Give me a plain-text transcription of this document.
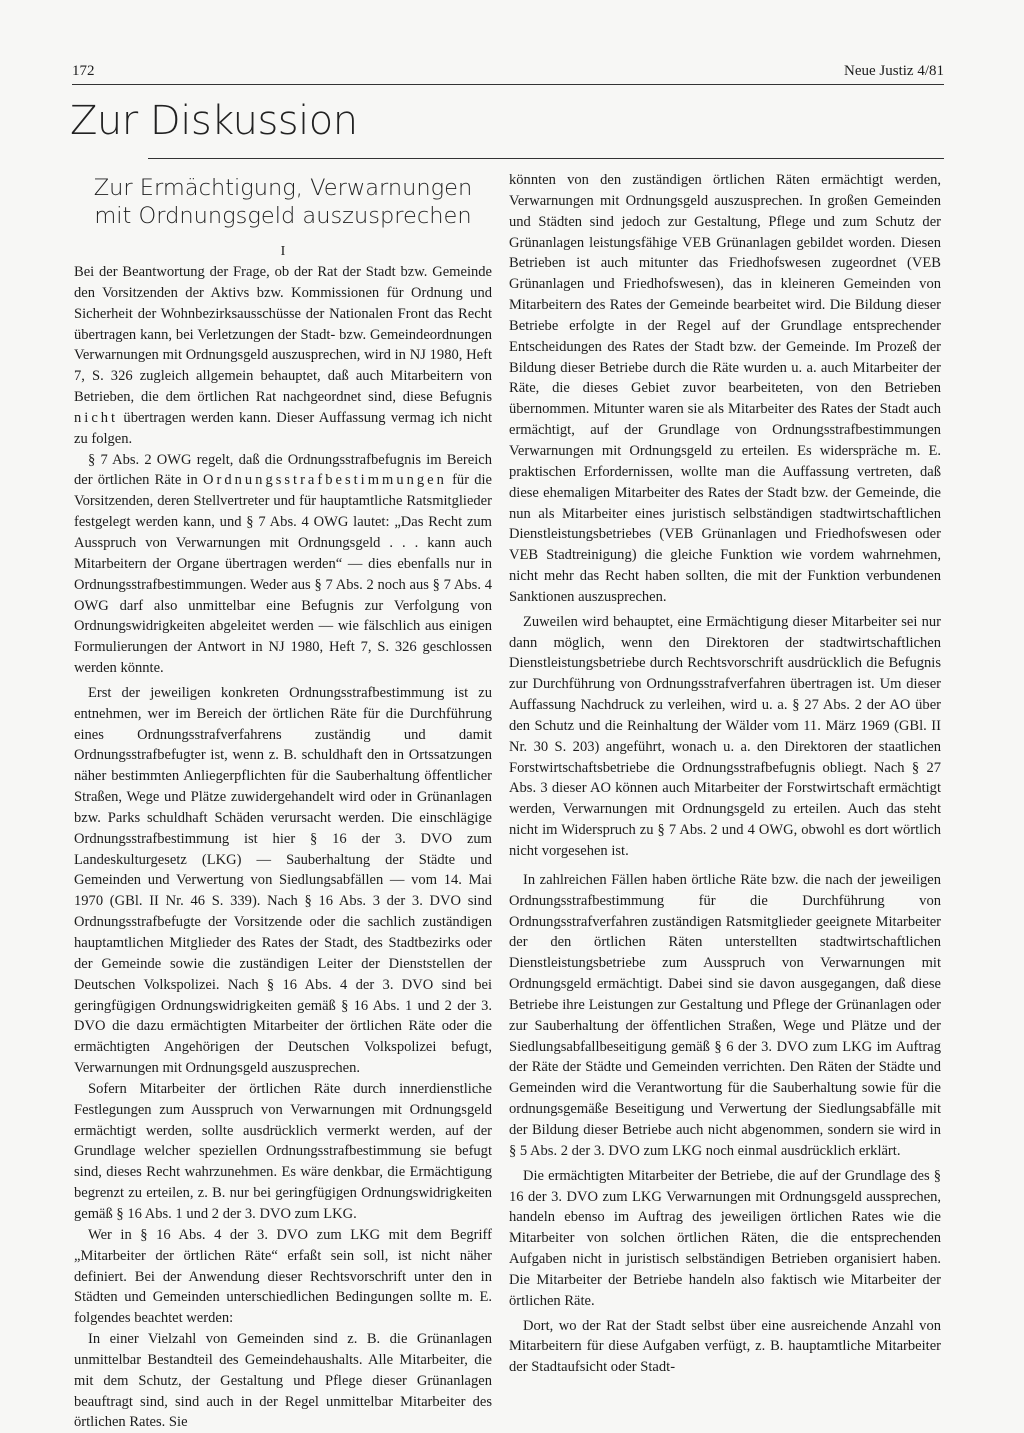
172	Neue Justiz 4/81
Zur Diskussion
Zur Ermächtigung, Verwarnungen
mit Ordnungsgeld auszusprechen
I

Bei der Beantwortung der Frage, ob der Rat der Stadt bzw. Gemeinde den Vorsitzenden der Aktivs bzw. Kommissionen für Ordnung und Sicherheit der Wohnbezirksausschüsse der Nationalen Front das Recht übertragen kann, bei Verletzungen der Stadt- bzw. Gemeindeordnungen Verwarnungen mit Ordnungsgeld auszusprechen, wird in NJ 1980, Heft 7, S. 326 zugleich allgemein behauptet, daß auch Mitarbeitern von Betrieben, die dem örtlichen Rat nachgeordnet sind, diese Befugnis nicht übertragen werden kann. Dieser Auffassung vermag ich nicht zu folgen.

§ 7 Abs. 2 OWG regelt, daß die Ordnungsstrafbefugnis im Bereich der örtlichen Räte in Ordnungsstrafbestimmungen für die Vorsitzenden, deren Stellvertreter und für hauptamtliche Ratsmitglieder festgelegt werden kann, und § 7 Abs. 4 OWG lautet: „Das Recht zum Ausspruch von Verwarnungen mit Ordnungsgeld . . . kann auch Mitarbeitern der Organe übertragen werden“ — dies ebenfalls nur in Ordnungsstrafbestimmungen. Weder aus § 7 Abs. 2 noch aus § 7 Abs. 4 OWG darf also unmittelbar eine Befugnis zur Verfolgung von Ordnungswidrigkeiten abgeleitet werden — wie fälschlich aus einigen Formulierungen der Antwort in NJ 1980, Heft 7, S. 326 geschlossen werden könnte.

Erst der jeweiligen konkreten Ordnungsstrafbestimmung ist zu entnehmen, wer im Bereich der örtlichen Räte für die Durchführung eines Ordnungsstrafverfahrens zuständig und damit Ordnungsstrafbefugter ist, wenn z. B. schuldhaft den in Ortssatzungen näher bestimmten Anliegerpflichten für die Sauberhaltung öffentlicher Straßen, Wege und Plätze zuwidergehandelt wird oder in Grünanlagen bzw. Parks schuldhaft Schäden verursacht werden. Die einschlägige Ordnungsstrafbestimmung ist hier § 16 der 3. DVO zum Landeskulturgesetz (LKG) — Sauberhaltung der Städte und Gemeinden und Verwertung von Siedlungsabfällen — vom 14. Mai 1970 (GBl. II Nr. 46 S. 339). Nach § 16 Abs. 3 der 3. DVO sind Ordnungsstrafbefugte der Vorsitzende oder die sachlich zuständigen hauptamtlichen Mitglieder des Rates der Stadt, des Stadtbezirks oder der Gemeinde sowie die zuständigen Leiter der Dienststellen der Deutschen Volkspolizei. Nach § 16 Abs. 4 der 3. DVO sind bei geringfügigen Ordnungswidrigkeiten gemäß § 16 Abs. 1 und 2 der 3. DVO die dazu ermächtigten Mitarbeiter der örtlichen Räte oder die ermächtigten Angehörigen der Deutschen Volkspolizei befugt, Verwarnungen mit Ordnungsgeld auszusprechen.

Sofern Mitarbeiter der örtlichen Räte durch innerdienstliche Festlegungen zum Ausspruch von Verwarnungen mit Ordnungsgeld ermächtigt werden, sollte ausdrücklich vermerkt werden, auf der Grundlage welcher speziellen Ordnungsstrafbestimmung sie befugt sind, dieses Recht wahrzunehmen. Es wäre denkbar, die Ermächtigung begrenzt zu erteilen, z. B. nur bei geringfügigen Ordnungswidrigkeiten gemäß § 16 Abs. 1 und 2 der 3. DVO zum LKG.

Wer in § 16 Abs. 4 der 3. DVO zum LKG mit dem Begriff „Mitarbeiter der örtlichen Räte“ erfaßt sein soll, ist nicht näher definiert. Bei der Anwendung dieser Rechtsvorschrift unter den in Städten und Gemeinden unterschiedlichen Bedingungen sollte m. E. folgendes beachtet werden:

In einer Vielzahl von Gemeinden sind z. B. die Grünanlagen unmittelbar Bestandteil des Gemeindehaushalts. Alle Mitarbeiter, die mit dem Schutz, der Gestaltung und Pflege dieser Grünanlagen beauftragt sind, sind auch in der Regel unmittelbar Mitarbeiter des örtlichen Rates. Sie

könnten von den zuständigen örtlichen Räten ermächtigt werden, Verwarnungen mit Ordnungsgeld auszusprechen. In großen Gemeinden und Städten sind jedoch zur Gestaltung, Pflege und zum Schutz der Grünanlagen leistungsfähige VEB Grünanlagen gebildet worden. Diesen Betrieben ist auch mitunter das Friedhofswesen zugeordnet (VEB Grünanlagen und Friedhofswesen), das in kleineren Gemeinden von Mitarbeitern des Rates der Gemeinde bearbeitet wird. Die Bildung dieser Betriebe erfolgte in der Regel auf der Grundlage entsprechender Entscheidungen des Rates der Stadt bzw. der Gemeinde. Im Prozeß der Bildung dieser Betriebe durch die Räte wurden u. a. auch Mitarbeiter der Räte, die dieses Gebiet zuvor bearbeiteten, von den Betrieben übernommen. Mitunter waren sie als Mitarbeiter des Rates der Stadt auch ermächtigt, auf der Grundlage von Ordnungsstrafbestimmungen Verwarnungen mit Ordnungsgeld zu erteilen. Es widerspräche m. E. praktischen Erfordernissen, wollte man die Auffassung vertreten, daß diese ehemaligen Mitarbeiter des Rates der Stadt bzw. der Gemeinde, die nun als Mitarbeiter eines juristisch selbständigen stadtwirtschaftlichen Dienstleistungsbetriebes (VEB Grünanlagen und Friedhofswesen oder VEB Stadtreinigung) die gleiche Funktion wie vordem wahrnehmen, nicht mehr das Recht haben sollten, die mit der Funktion verbundenen Sanktionen auszusprechen.

Zuweilen wird behauptet, eine Ermächtigung dieser Mitarbeiter sei nur dann möglich, wenn den Direktoren der stadtwirtschaftlichen Dienstleistungsbetriebe durch Rechtsvorschrift ausdrücklich die Befugnis zur Durchführung von Ordnungsstrafverfahren übertragen ist. Um dieser Auffassung Nachdruck zu verleihen, wird u. a. § 27 Abs. 2 der AO über den Schutz und die Reinhaltung der Wälder vom 11. März 1969 (GBl. II Nr. 30 S. 203) angeführt, wonach u. a. den Direktoren der staatlichen Forstwirtschaftsbetriebe die Ordnungsstrafbefugnis obliegt. Nach § 27 Abs. 3 dieser AO können auch Mitarbeiter der Forstwirtschaft ermächtigt werden, Verwarnungen mit Ordnungsgeld zu erteilen. Auch das steht nicht im Widerspruch zu § 7 Abs. 2 und 4 OWG, obwohl es dort wörtlich nicht vorgesehen ist.

In zahlreichen Fällen haben örtliche Räte bzw. die nach der jeweiligen Ordnungsstrafbestimmung für die Durchführung von Ordnungsstrafverfahren zuständigen Ratsmitglieder geeignete Mitarbeiter der den örtlichen Räten unterstellten stadtwirtschaftlichen Dienstleistungsbetriebe zum Ausspruch von Verwarnungen mit Ordnungsgeld ermächtigt. Dabei sind sie davon ausgegangen, daß diese Betriebe ihre Leistungen zur Gestaltung und Pflege der Grünanlagen oder zur Sauberhaltung der öffentlichen Straßen, Wege und Plätze und der Siedlungsabfallbeseitigung gemäß § 6 der 3. DVO zum LKG im Auftrag der Räte der Städte und Gemeinden verrichten. Den Räten der Städte und Gemeinden wird die Verantwortung für die Sauberhaltung sowie für die ordnungsgemäße Beseitigung und Verwertung der Siedlungsabfälle mit der Bildung dieser Betriebe auch nicht abgenommen, sondern sie wird in § 5 Abs. 2 der 3. DVO zum LKG noch einmal ausdrücklich erklärt.

Die ermächtigten Mitarbeiter der Betriebe, die auf der Grundlage des § 16 der 3. DVO zum LKG Verwarnungen mit Ordnungsgeld aussprechen, handeln ebenso im Auftrag des jeweiligen örtlichen Rates wie die Mitarbeiter von solchen örtlichen Räten, die die entsprechenden Aufgaben nicht in juristisch selbständigen Betrieben organisiert haben. Die Mitarbeiter der Betriebe handeln also faktisch wie Mitarbeiter der örtlichen Räte.

Dort, wo der Rat der Stadt selbst über eine ausreichende Anzahl von Mitarbeitern für diese Aufgaben verfügt, z. B. hauptamtliche Mitarbeiter der Stadtaufsicht oder Stadt-
